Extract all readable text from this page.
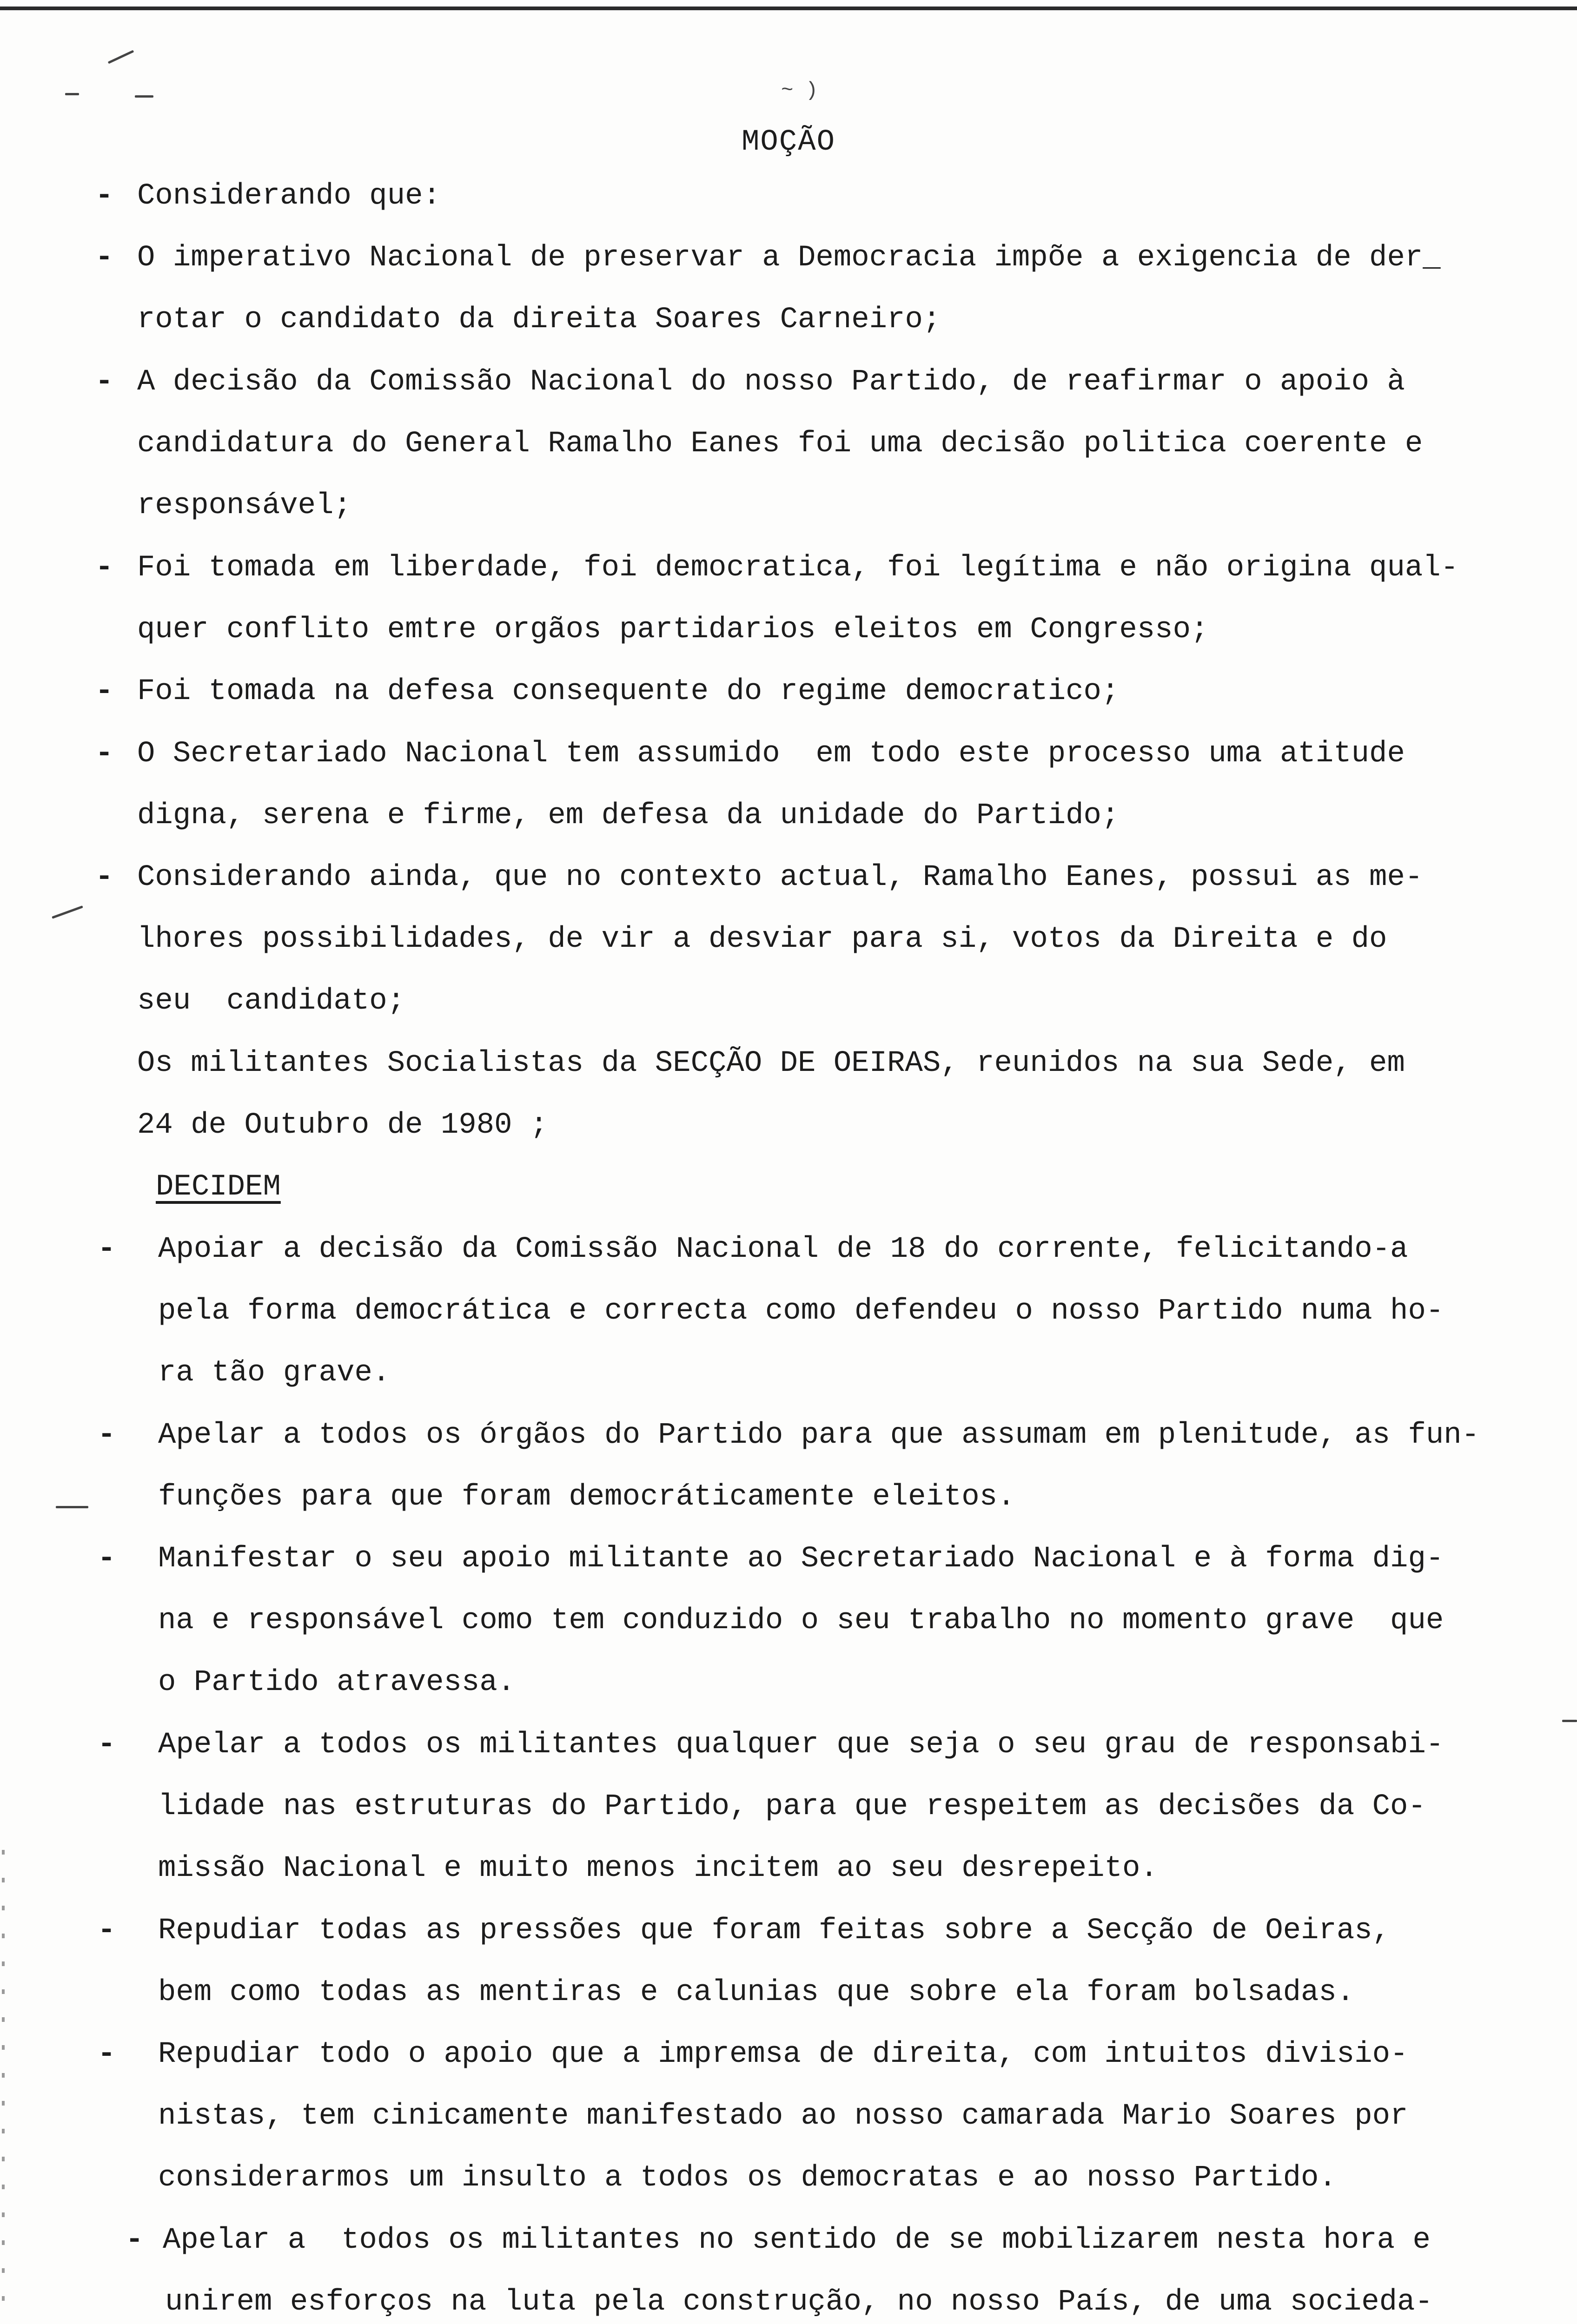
~ )
MOÇÃO
- Considerando que:

- O imperativo Nacional de preservar a Democracia impõe a exigencia de der_

rotar o candidato da direita Soares Carneiro;

- A decisão da Comissão Nacional do nosso Partido, de reafirmar o apoio à

candidatura do General Ramalho Eanes foi uma decisão politica coerente e

responsável;

- Foi tomada em liberdade, foi democratica, foi legítima e não origina qual-

quer conflito emtre orgãos partidarios eleitos em Congresso;

- Foi tomada na defesa consequente do regime democratico;

- O Secretariado Nacional tem assumido  em todo este processo uma atitude

digna, serena e firme, em defesa da unidade do Partido;

- Considerando ainda, que no contexto actual, Ramalho Eanes, possui as me-

lhores possibilidades, de vir a desviar para si, votos da Direita e do

seu  candidato;

Os militantes Socialistas da SECÇÃO DE OEIRAS, reunidos na sua Sede, em

24 de Outubro de 1980 ;

DECIDEM

- Apoiar a decisão da Comissão Nacional de 18 do corrente, felicitando-a

pela forma democrática e correcta como defendeu o nosso Partido numa ho-

ra tão grave.

- Apelar a todos os órgãos do Partido para que assumam em plenitude, as fun-

funções para que foram democráticamente eleitos.

- Manifestar o seu apoio militante ao Secretariado Nacional e à forma dig-

na e responsável como tem conduzido o seu trabalho no momento grave  que

o Partido atravessa.

- Apelar a todos os militantes qualquer que seja o seu grau de responsabi-

lidade nas estruturas do Partido, para que respeitem as decisões da Co-

missão Nacional e muito menos incitem ao seu desrepeito.

- Repudiar todas as pressões que foram feitas sobre a Secção de Oeiras,

bem como todas as mentiras e calunias que sobre ela foram bolsadas.

- Repudiar todo o apoio que a impremsa de direita, com intuitos divisio-

nistas, tem cinicamente manifestado ao nosso camarada Mario Soares por

considerarmos um insulto a todos os democratas e ao nosso Partido.

- Apelar a  todos os militantes no sentido de se mobilizarem nesta hora e

unirem esforços na luta pela construção, no nosso País, de uma socieda-
